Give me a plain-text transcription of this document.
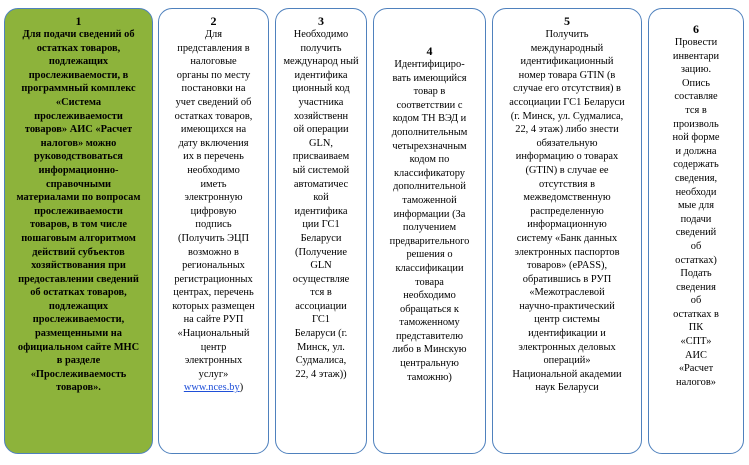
1
Для подачи сведений об
остатках товаров,
подлежащих
прослеживаемости, в
программный комплекс
«Система
прослеживаемости
товаров» АИС «Расчет
налогов» можно
руководствоваться
информационно-
справочными
материалами по вопросам
прослеживаемости
товаров, в том числе
пошаговым алгоритмом
действий субъектов
хозяйствования при
предоставлении сведений
об остатках товаров,
подлежащих
прослеживаемости,
размещенными на
официальном сайте МНС
в разделе
«Прослеживаемость
товаров».
2
Для
представления в
налоговые
органы по месту
постановки на
учет сведений об
остатках товаров,
имеющихся на
дату включения
их в перечень
необходимо
иметь
электронную
цифровую
подпись
(Получить ЭЦП
возможно в
региональных
регистрационных
центрах, перечень
которых размещен
на сайте РУП
«Национальный
центр
электронных
услуг»
www.nces.by)
3
Необходимо
получить
международ ный
идентифика
ционный код
участника
хозяйственн
ой операции
GLN,
присваиваем
ый системой
автоматичес
кой
идентифика
ции ГС1
Беларуси
(Получение
GLN
осуществляе
тся в
ассоциации
ГС1
Беларуси (г.
Минск, ул.
Судмалиса,
22, 4 этаж))
4
Идентифициро-
вать имеющийся
товар в
соответствии с
кодом ТН ВЭД и
дополнительным
четырехзначным
кодом по
классификатору
дополнительной
таможенной
информации (За
получением
предварительного
решения о
классификации
товара
необходимо
обращаться к
таможенному
представителю
либо в Минскую
центральную
таможню)
5
Получить
международный
идентификационный
номер товара GTIN (в
случае его отсутствия) в
ассоциации ГС1 Беларуси
(г. Минск, ул. Судмалиса,
22, 4 этаж) либо знести
обязательную
информацию о товарах
(GTIN) в случае ее
отсутствия в
межведомственную
распределенную
информационную
систему «Банк данных
электронных паспортов
товаров» (ePASS),
обратившись в РУП
«Межотраслевой
научно-практический
центр системы
идентификации и
электронных деловых
операций»
Национальной академии
наук Беларуси
6
Провести
инвентари
зацию.
Опись
составляе
тся в
произволь
ной форме
и должна
содержать
сведения,
необходи
мые для
подачи
сведений
об
остатках)
Подать
сведения
об
остатках в
ПК
«СПТ»
АИС
«Расчет
налогов»
